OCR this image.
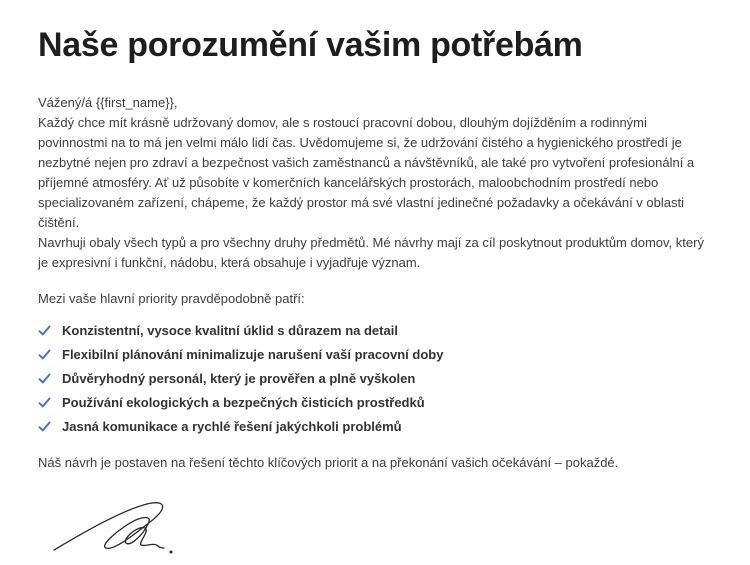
Naše porozumění vašim potřebám

Vážený/á {{first_name}},

Každý chce mít krásně udržovaný domov, ale s rostoucí pracovní dobou, dlouhým dojížděním a rodinnými povinnostmi na to má jen velmi málo lidí čas. Uvědomujeme si, že udržování čistého a hygienického prostředí je nezbytné nejen pro zdraví a bezpečnost vašich zaměstnanců a návštěvníků, ale také pro vytvoření profesionální a příjemné atmosféry. Ať už působíte v komerčních kancelářských prostorách, maloobchodním prostředí nebo specializovaném zařízení, chápeme, že každý prostor má své vlastní jedinečné požadavky a očekávání v oblasti čištění.

Navrhuji obaly všech typů a pro všechny druhy předmětů. Mé návrhy mají za cíl poskytnout produktům domov, který je expresivní i funkční, nádobu, která obsahuje i vyjadřuje význam.

Mezi vaše hlavní priority pravděpodobně patří:

Konzistentní, vysoce kvalitní úklid s důrazem na detail
Flexibilní plánování minimalizuje narušení vaší pracovní doby
Důvěryhodný personál, který je prověřen a plně vyškolen
Používání ekologických a bezpečných čisticích prostředků
Jasná komunikace a rychlé řešení jakýchkoli problémů

Náš návrh je postaven na řešení těchto klíčových priorit a na překonání vašich očekávání – pokaždé.
